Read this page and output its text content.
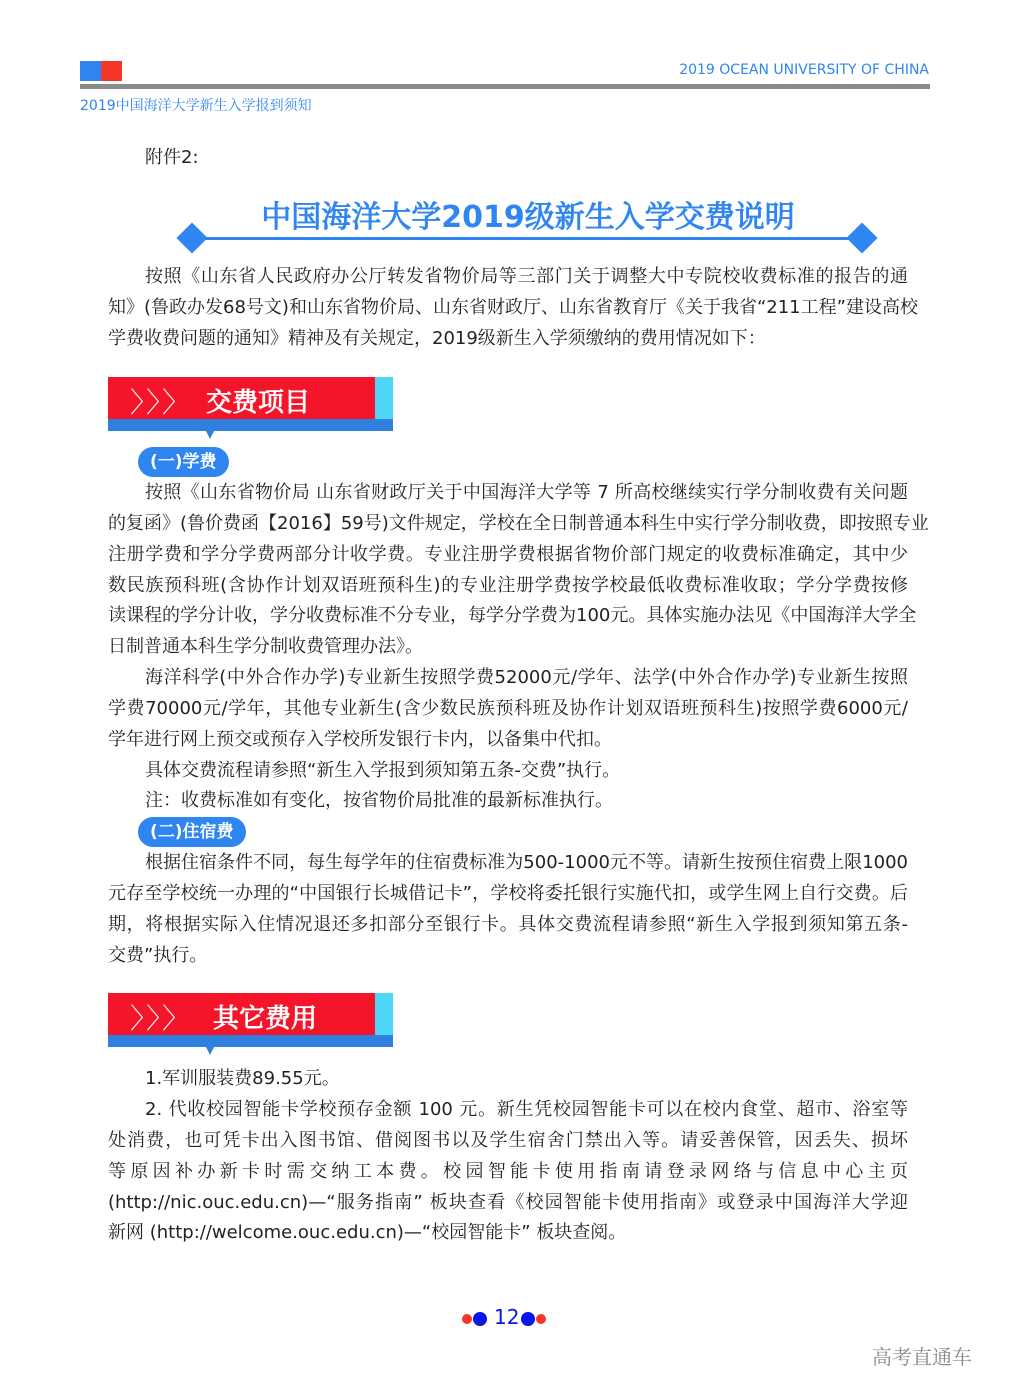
2019 OCEAN UNIVERSITY OF CHINA
2019中国海洋大学新生入学报到须知
附件2:
中国海洋大学2019级新生入学交费说明
按照《山东省人民政府办公厅转发省物价局等三部门关于调整大中专院校收费标准的报告的通
知》(鲁政办发68号文)和山东省物价局、山东省财政厅、山东省教育厅《关于我省“211工程”建设高校
学费收费问题的通知》精神及有关规定，2019级新生入学须缴纳的费用情况如下：
〉〉〉 交费项目
(一)学费
按照《山东省物价局 山东省财政厅关于中国海洋大学等 7 所高校继续实行学分制收费有关问题
的复函》(鲁价费函【2016】59号)文件规定，学校在全日制普通本科生中实行学分制收费，即按照专业
注册学费和学分学费两部分计收学费。专业注册学费根据省物价部门规定的收费标准确定，其中少
数民族预科班(含协作计划双语班预科生)的专业注册学费按学校最低收费标准收取；学分学费按修
读课程的学分计收，学分收费标准不分专业，每学分学费为100元。具体实施办法见《中国海洋大学全
日制普通本科生学分制收费管理办法》。
海洋科学(中外合作办学)专业新生按照学费52000元/学年、法学(中外合作办学)专业新生按照
学费70000元/学年，其他专业新生(含少数民族预科班及协作计划双语班预科生)按照学费6000元/
学年进行网上预交或预存入学校所发银行卡内，以备集中代扣。
具体交费流程请参照“新生入学报到须知第五条-交费”执行。
注：收费标准如有变化，按省物价局批准的最新标准执行。
(二)住宿费
根据住宿条件不同，每生每学年的住宿费标准为500-1000元不等。请新生按预住宿费上限1000
元存至学校统一办理的“中国银行长城借记卡”，学校将委托银行实施代扣，或学生网上自行交费。后
期，将根据实际入住情况退还多扣部分至银行卡。具体交费流程请参照“新生入学报到须知第五条-
交费”执行。
〉〉〉 其它费用
1.军训服装费89.55元。
2. 代收校园智能卡学校预存金额 100 元。新生凭校园智能卡可以在校内食堂、超市、浴室等
处消费，也可凭卡出入图书馆、借阅图书以及学生宿舍门禁出入等。请妥善保管，因丢失、损坏
等原因补办新卡时需交纳工本费。校园智能卡使用指南请登录网络与信息中心主页
(http://nic.ouc.edu.cn)—“服务指南” 板块查看《校园智能卡使用指南》或登录中国海洋大学迎
新网 (http://welcome.ouc.edu.cn)—“校园智能卡” 板块查阅。
12
高考直通车
